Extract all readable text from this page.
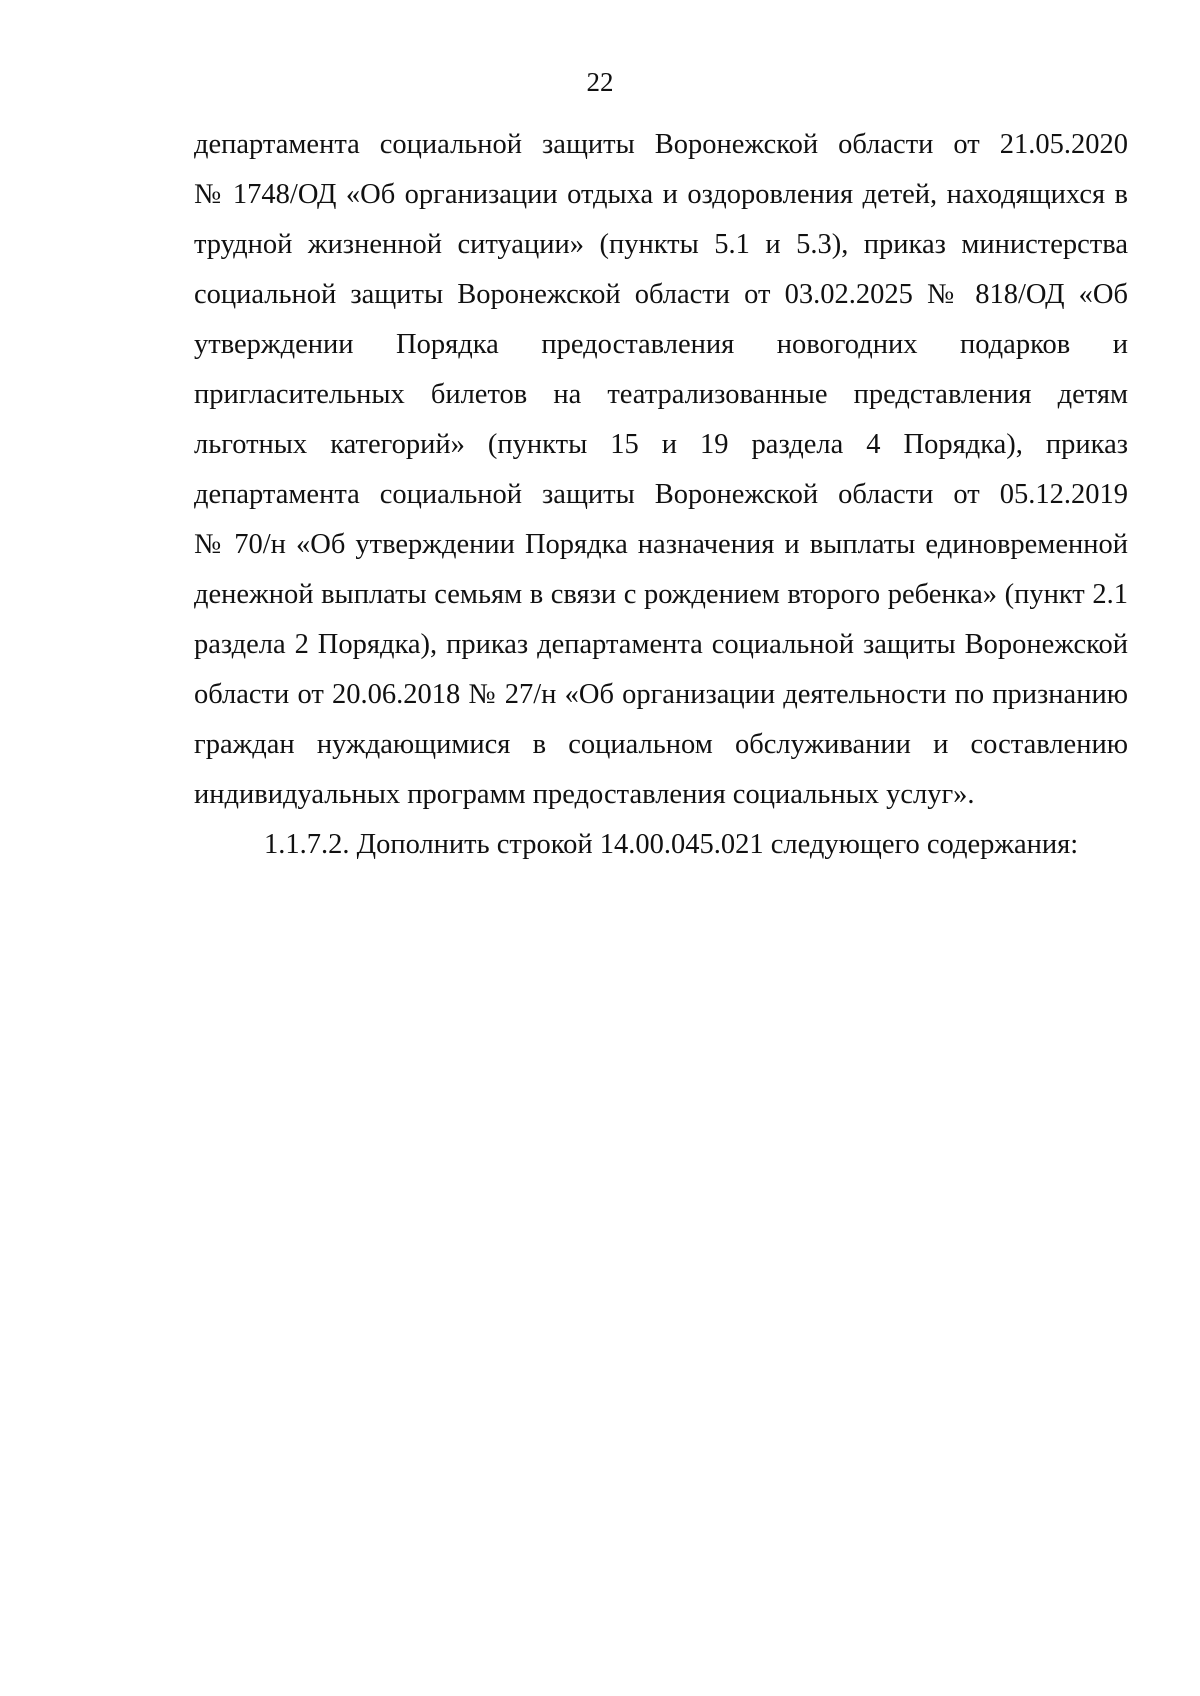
22

департамента социальной защиты Воронежской области от 21.05.2020
№ 1748/ОД «Об организации отдыха и оздоровления детей, находящихся в
трудной жизненной ситуации» (пункты 5.1 и 5.3), приказ министерства
социальной защиты Воронежской области от 03.02.2025 № 818/ОД «Об
утверждении Порядка предоставления новогодних подарков и
пригласительных билетов на театрализованные представления детям
льготных категорий» (пункты 15 и 19 раздела 4 Порядка), приказ
департамента социальной защиты Воронежской области от 05.12.2019
№ 70/н «Об утверждении Порядка назначения и выплаты единовременной
денежной выплаты семьям в связи с рождением второго ребенка» (пункт 2.1
раздела 2 Порядка), приказ департамента социальной защиты Воронежской
области от 20.06.2018 № 27/н «Об организации деятельности по признанию
граждан нуждающимися в социальном обслуживании и составлению
индивидуальных программ предоставления социальных услуг».

1.1.7.2. Дополнить строкой 14.00.045.021 следующего содержания:
